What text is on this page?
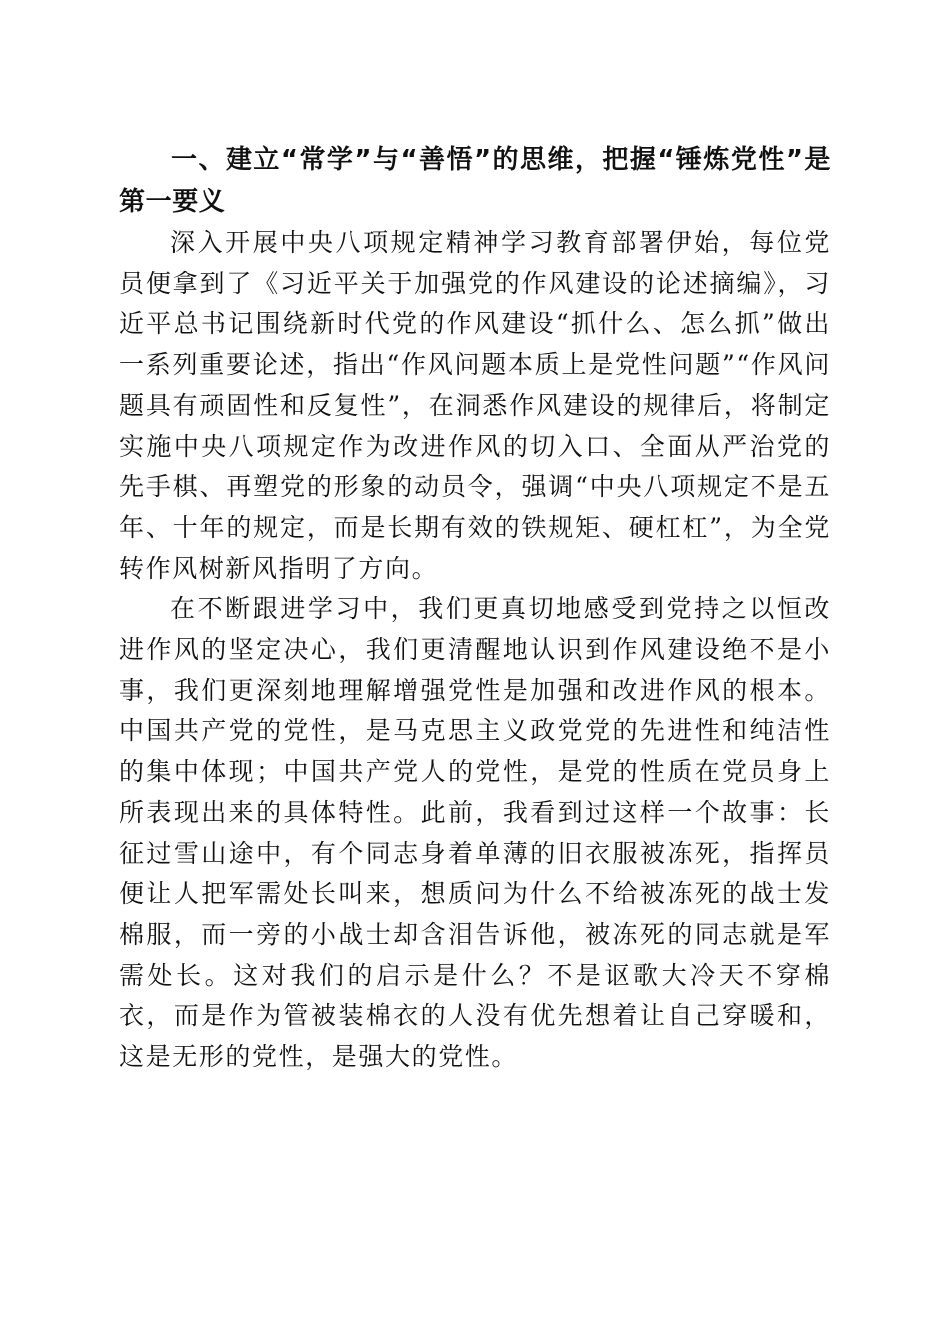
一、建立“常学”与“善悟”的思维，把握“锤炼党性”是第一要义

深入开展中央八项规定精神学习教育部署伊始，每位党员便拿到了《习近平关于加强党的作风建设的论述摘编》，习近平总书记围绕新时代党的作风建设“抓什么、怎么抓”做出一系列重要论述，指出“作风问题本质上是党性问题”“作风问题具有顽固性和反复性”，在洞悉作风建设的规律后，将制定实施中央八项规定作为改进作风的切入口、全面从严治党的先手棋、再塑党的形象的动员令，强调“中央八项规定不是五年、十年的规定，而是长期有效的铁规矩、硬杠杠”，为全党转作风树新风指明了方向。

在不断跟进学习中，我们更真切地感受到党持之以恒改进作风的坚定决心，我们更清醒地认识到作风建设绝不是小事，我们更深刻地理解增强党性是加强和改进作风的根本。中国共产党的党性，是马克思主义政党党的先进性和纯洁性的集中体现；中国共产党人的党性，是党的性质在党员身上所表现出来的具体特性。此前，我看到过这样一个故事：长征过雪山途中，有个同志身着单薄的旧衣服被冻死，指挥员便让人把军需处长叫来，想质问为什么不给被冻死的战士发棉服，而一旁的小战士却含泪告诉他，被冻死的同志就是军需处长。这对我们的启示是什么？不是讴歌大冷天不穿棉衣，而是作为管被装棉衣的人没有优先想着让自己穿暖和，这是无形的党性，是强大的党性。
